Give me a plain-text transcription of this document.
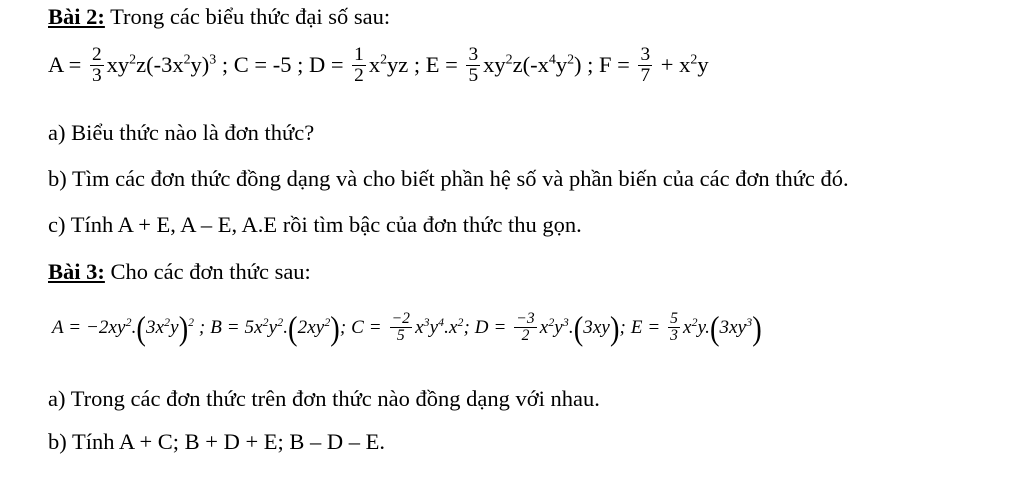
Bài 2: Trong các biểu thức đại số sau:
$A = \frac{2}{3} xy^2z(-3x^2y)^3$ ; C = -5 ; $D = \frac{1}{2} x^2yz$ ; $E = \frac{3}{5} xy^2z(-x^4y^2)$ ; $F = \frac{3}{7} + x^2y$
a) Biểu thức nào là đơn thức?
b) Tìm các đơn thức đồng dạng và cho biết phần hệ số và phần biến của các đơn thức đó.
c) Tính A + E, A – E, A.E rồi tìm bậc của đơn thức thu gọn.
Bài 3: Cho các đơn thức sau:
$A = -2xy^2.(3x^2y)^2$ ; $B = 5x^2y^2.(2xy^2)$; $C = \frac{-2}{5} x^3y^4.x^2$; $D = \frac{-3}{2} x^2y^3.(3xy)$; $E = \frac{5}{3} x^2y.(3xy^3)$
a) Trong các đơn thức trên đơn thức nào đồng dạng với nhau.
b) Tính A + C; B + D + E; B – D – E.
